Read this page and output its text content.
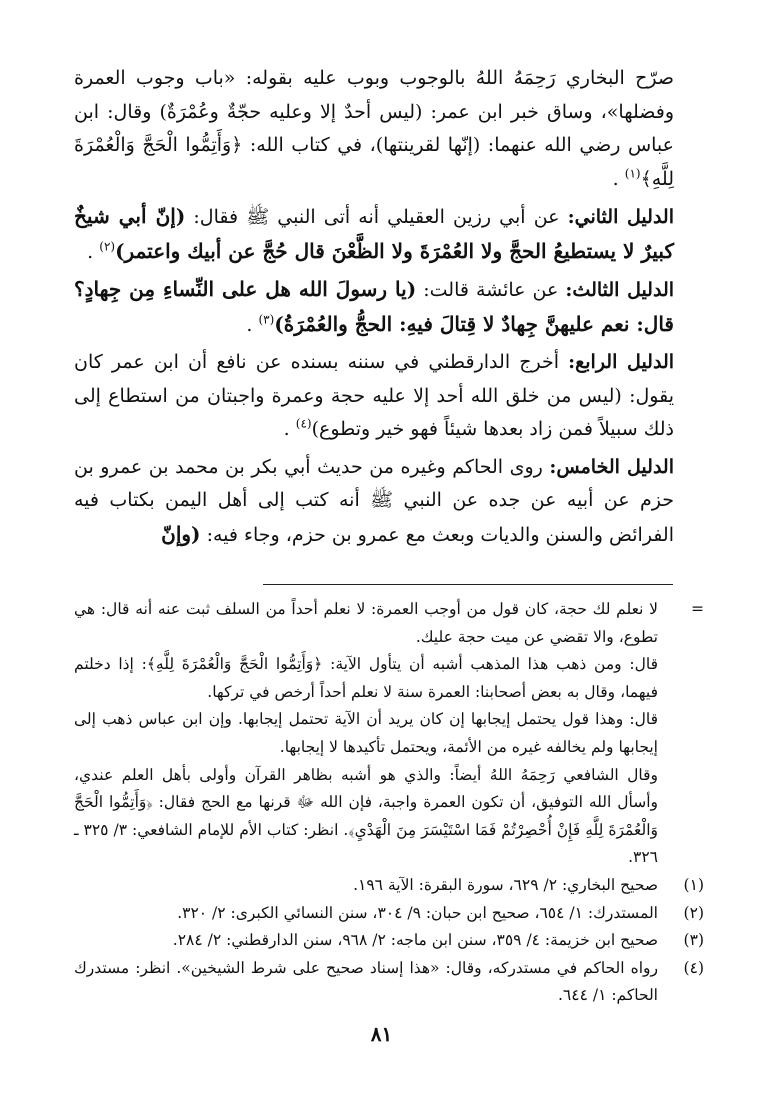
صرّح البخاري رَحِمَهُ اللهُ بالوجوب وبوب عليه بقوله: «باب وجوب العمرة وفضلها»، وساق خبر ابن عمر: (ليس أحدٌ إلا وعليه حجّةٌ وعُمْرَةٌ) وقال: ابن عباس رضي الله عنهما: (إنّها لقرينتها)، في كتاب الله: ﴿وَأَتِمُّوا الْحَجَّ وَالْعُمْرَةَ لِلَّهِ﴾$^{(١)}$ .

الدليل الثاني: عن أبي رزين العقيلي أنه أتى النبي ﷺ فقال: (إنّ أبي شيخٌ كبيرٌ لا يستطيعُ الحجَّ ولا العُمْرَةَ ولا الظَّعْنَ قال حُجَّ عن أبيك واعتمر)$^{(٢)}$ .

الدليل الثالث: عن عائشة قالت: (يا رسولَ الله هل على النِّساءِ مِن جِهادٍ؟ قال: نعم عليهنَّ جِهادٌ لا قِتالَ فيهِ: الحجُّ والعُمْرَةُ)$^{(٣)}$ .

الدليل الرابع: أخرج الدارقطني في سننه بسنده عن نافع أن ابن عمر كان يقول: (ليس من خلق الله أحد إلا عليه حجة وعمرة واجبتان من استطاع إلى ذلك سبيلاً فمن زاد بعدها شيئاً فهو خير وتطوع)$^{(٤)}$ .

الدليل الخامس: روى الحاكم وغيره من حديث أبي بكر بن محمد بن عمرو بن حزم عن أبيه عن جده عن النبي ﷺ أنه كتب إلى أهل اليمن بكتاب فيه الفرائض والسنن والديات وبعث مع عمرو بن حزم، وجاء فيه: (وإنّ

=

لا نعلم لك حجة، كان قول من أوجب العمرة: لا نعلم أحداً من السلف ثبت عنه أنه قال: هي تطوع، والا تقضي عن ميت حجة عليك.

قال: ومن ذهب هذا المذهب أشبه أن يتأول الآية: ﴿وَأَتِمُّوا الْحَجَّ وَالْعُمْرَةَ لِلَّهِ﴾: إذا دخلتم فيهما، وقال به بعض أصحابنا: العمرة سنة لا نعلم أحداً أرخص في تركها.

قال: وهذا قول يحتمل إيجابها إن كان يريد أن الآية تحتمل إيجابها. وإن ابن عباس ذهب إلى إيجابها ولم يخالفه غيره من الأئمة، ويحتمل تأكيدها لا إيجابها.

وقال الشافعي رَحِمَهُ اللهُ أيضاً: والذي هو أشبه بظاهر القرآن وأولى بأهل العلم عندي، وأسأل الله التوفيق، أن تكون العمرة واجبة، فإن الله ﷻ قرنها مع الحج فقال: ﴿وَأَتِمُّوا الْحَجَّ وَالْعُمْرَةَ لِلَّهِ فَإِنْ أُحْصِرْتُمْ فَمَا اسْتَيْسَرَ مِنَ الْهَدْيِ﴾. انظر: كتاب الأم للإمام الشافعي: ٣/ ٣٢٥ ـ ٣٢٦.

(١)
صحيح البخاري: ٢/ ٦٢٩، سورة البقرة: الآية ١٩٦.
(٢)
المستدرك: ١/ ٦٥٤، صحيح ابن حبان: ٩/ ٣٠٤، سنن النسائي الكبرى: ٢/ ٣٢٠.
(٣)
صحيح ابن خزيمة: ٤/ ٣٥٩، سنن ابن ماجه: ٢/ ٩٦٨، سنن الدارقطني: ٢/ ٢٨٤.
(٤)
رواه الحاكم في مستدركه، وقال: «هذا إسناد صحيح على شرط الشيخين». انظر: مستدرك الحاكم: ١/ ٦٤٤.
٨١
